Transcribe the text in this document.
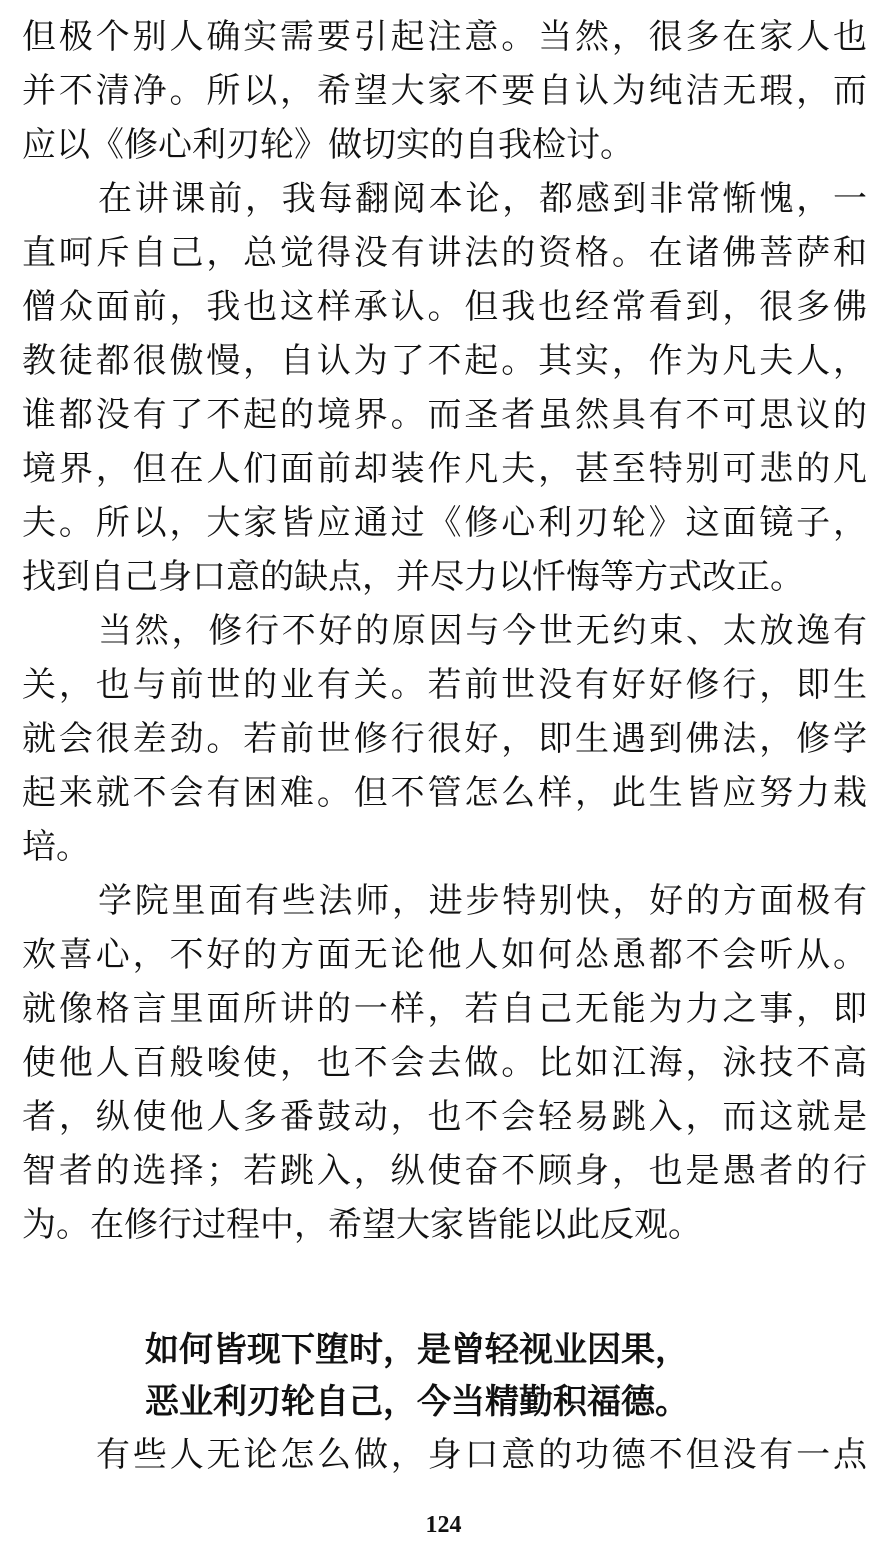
但极个别人确实需要引起注意。当然，很多在家人也
并不清净。所以，希望大家不要自认为纯洁无瑕，而
应以《修心利刃轮》做切实的自我检讨。
在讲课前，我每翻阅本论，都感到非常惭愧，一
直呵斥自己，总觉得没有讲法的资格。在诸佛菩萨和
僧众面前，我也这样承认。但我也经常看到，很多佛
教徒都很傲慢，自认为了不起。其实，作为凡夫人，
谁都没有了不起的境界。而圣者虽然具有不可思议的
境界，但在人们面前却装作凡夫，甚至特别可悲的凡
夫。所以，大家皆应通过《修心利刃轮》这面镜子，
找到自己身口意的缺点，并尽力以忏悔等方式改正。
当然，修行不好的原因与今世无约束、太放逸有
关，也与前世的业有关。若前世没有好好修行，即生
就会很差劲。若前世修行很好，即生遇到佛法，修学
起来就不会有困难。但不管怎么样，此生皆应努力栽
培。
学院里面有些法师，进步特别快，好的方面极有
欢喜心，不好的方面无论他人如何怂恿都不会听从。
就像格言里面所讲的一样，若自己无能为力之事，即
使他人百般唆使，也不会去做。比如江海，泳技不高
者，纵使他人多番鼓动，也不会轻易跳入，而这就是
智者的选择；若跳入，纵使奋不顾身，也是愚者的行
为。在修行过程中，希望大家皆能以此反观。
如何皆现下堕时，是曾轻视业因果，
恶业利刃轮自己，今当精勤积福德。
有些人无论怎么做，身口意的功德不但没有一点
124
